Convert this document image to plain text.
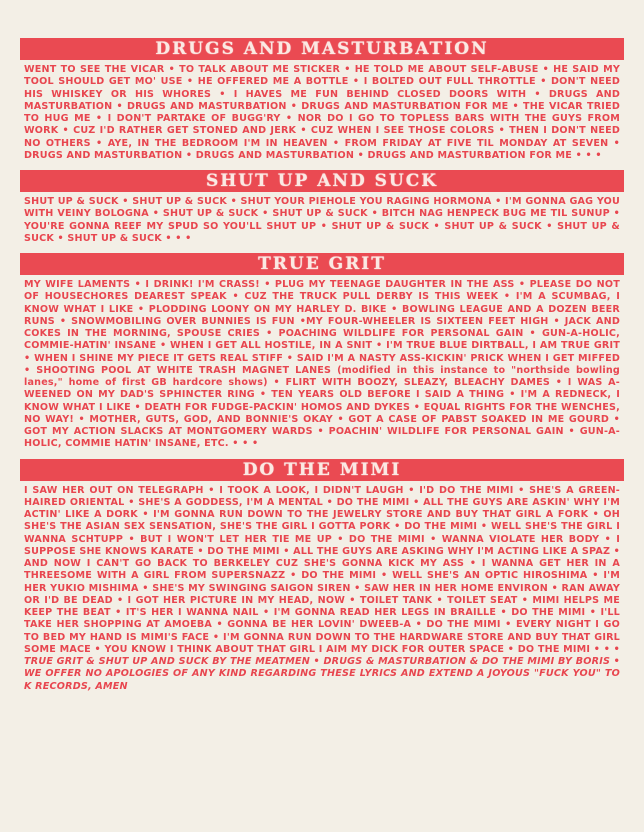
DRUGS AND MASTURBATION
WENT TO SEE THE VICAR • TO TALK ABOUT ME STICKER • HE TOLD ME ABOUT SELF-ABUSE • HE SAID MY TOOL SHOULD GET MO' USE • HE OFFERED ME A BOTTLE • I BOLTED OUT FULL THROTTLE • DON'T NEED HIS WHISKEY OR HIS WHORES • I HAVES ME FUN BEHIND CLOSED DOORS WITH • DRUGS AND MASTURBATION • DRUGS AND MASTURBATION • DRUGS AND MASTURBATION FOR ME • THE VICAR TRIED TO HUG ME • I DON'T PARTAKE OF BUGG'RY • NOR DO I GO TO TOPLESS BARS WITH THE GUYS FROM WORK • CUZ I'D RATHER GET STONED AND JERK • CUZ WHEN I SEE THOSE COLORS • THEN I DON'T NEED NO OTHERS • AYE, IN THE BEDROOM I'M IN HEAVEN • FROM FRIDAY AT FIVE TIL MONDAY AT SEVEN • DRUGS AND MASTURBATION • DRUGS AND MASTURBATION • DRUGS AND MASTURBATION FOR ME • • •
SHUT UP AND SUCK
SHUT UP & SUCK • SHUT UP & SUCK • SHUT YOUR PIEHOLE YOU RAGING HORMONA • I'M GONNA GAG YOU WITH VEINY BOLOGNA • SHUT UP & SUCK • SHUT UP & SUCK • BITCH NAG HENPECK BUG ME TIL SUNUP • YOU'RE GONNA REEF MY SPUD SO YOU'LL SHUT UP • SHUT UP & SUCK • SHUT UP & SUCK • SHUT UP & SUCK • SHUT UP & SUCK • • •
TRUE GRIT
MY WIFE LAMENTS • I DRINK! I'M CRASS! • PLUG MY TEENAGE DAUGHTER IN THE ASS • PLEASE DO NOT OF HOUSECHORES DEAREST SPEAK • CUZ THE TRUCK PULL DERBY IS THIS WEEK • I'M A SCUMBAG, I KNOW WHAT I LIKE • PLODDING LOONY ON MY HARLEY D. BIKE • BOWLING LEAGUE AND A DOZEN BEER RUNS • SNOWMOBILING OVER BUNNIES IS FUN •MY FOUR-WHEELER IS SIXTEEN FEET HIGH • JACK AND COKES IN THE MORNING, SPOUSE CRIES • POACHING WILDLIFE FOR PERSONAL GAIN • GUN-A-HOLIC, COMMIE-HATIN' INSANE • WHEN I GET ALL HOSTILE, IN A SNIT • I'M TRUE BLUE DIRTBALL, I AM TRUE GRIT • WHEN I SHINE MY PIECE IT GETS REAL STIFF • SAID I'M A NASTY ASS-KICKIN' PRICK WHEN I GET MIFFED • SHOOTING POOL AT WHITE TRASH MAGNET LANES (modified in this instance to "northside bowling lanes," home of first GB hardcore shows) • FLIRT WITH BOOZY, SLEAZY, BLEACHY DAMES • I WAS A-WEENED ON MY DAD'S SPHINCTER RING • TEN YEARS OLD BEFORE I SAID A THING • I'M A REDNECK, I KNOW WHAT I LIKE • DEATH FOR FUDGE-PACKIN' HOMOS AND DYKES • EQUAL RIGHTS FOR THE WENCHES, NO WAY! • MOTHER, GUTS, GOD, AND BONNIE'S OKAY • GOT A CASE OF PABST SOAKED IN ME GOURD • GOT MY ACTION SLACKS AT MONTGOMERY WARDS • POACHIN' WILDLIFE FOR PERSONAL GAIN • GUN-A-HOLIC, COMMIE HATIN' INSANE, ETC. • • •
DO THE MIMI
I SAW HER OUT ON TELEGRAPH • I TOOK A LOOK, I DIDN'T LAUGH • I'D DO THE MIMI • SHE'S A GREEN-HAIRED ORIENTAL • SHE'S A GODDESS, I'M A MENTAL • DO THE MIMI • ALL THE GUYS ARE ASKIN' WHY I'M ACTIN' LIKE A DORK • I'M GONNA RUN DOWN TO THE JEWELRY STORE AND BUY THAT GIRL A FORK • OH SHE'S THE ASIAN SEX SENSATION, SHE'S THE GIRL I GOTTA PORK • DO THE MIMI • WELL SHE'S THE GIRL I WANNA SCHTUPP • BUT I WON'T LET HER TIE ME UP • DO THE MIMI • WANNA VIOLATE HER BODY • I SUPPOSE SHE KNOWS KARATE • DO THE MIMI • ALL THE GUYS ARE ASKING WHY I'M ACTING LIKE A SPAZ • AND NOW I CAN'T GO BACK TO BERKELEY CUZ SHE'S GONNA KICK MY ASS • I WANNA GET HER IN A THREESOME WITH A GIRL FROM SUPERSNAZZ • DO THE MIMI • WELL SHE'S AN OPTIC HIROSHIMA • I'M HER YUKIO MISHIMA • SHE'S MY SWINGING SAIGON SIREN • SAW HER IN HER HOME ENVIRON • RAN AWAY OR I'D BE DEAD • I GOT HER PICTURE IN MY HEAD, NOW • TOILET TANK • TOILET SEAT • MIMI HELPS ME KEEP THE BEAT • IT'S HER I WANNA NAIL • I'M GONNA READ HER LEGS IN BRAILLE • DO THE MIMI • I'LL TAKE HER SHOPPING AT AMOEBA • GONNA BE HER LOVIN' DWEEB-A • DO THE MIMI • EVERY NIGHT I GO TO BED MY HAND IS MIMI'S FACE • I'M GONNA RUN DOWN TO THE HARDWARE STORE AND BUY THAT GIRL SOME MACE • YOU KNOW I THINK ABOUT THAT GIRL I AIM MY DICK FOR OUTER SPACE • DO THE MIMI • • • TRUE GRIT & SHUT UP AND SUCK BY THE MEATMEN • DRUGS & MASTURBATION & DO THE MIMI BY BORIS • WE OFFER NO APOLOGIES OF ANY KIND REGARDING THESE LYRICS AND EXTEND A JOYOUS "FUCK YOU" TO K RECORDS, AMEN
